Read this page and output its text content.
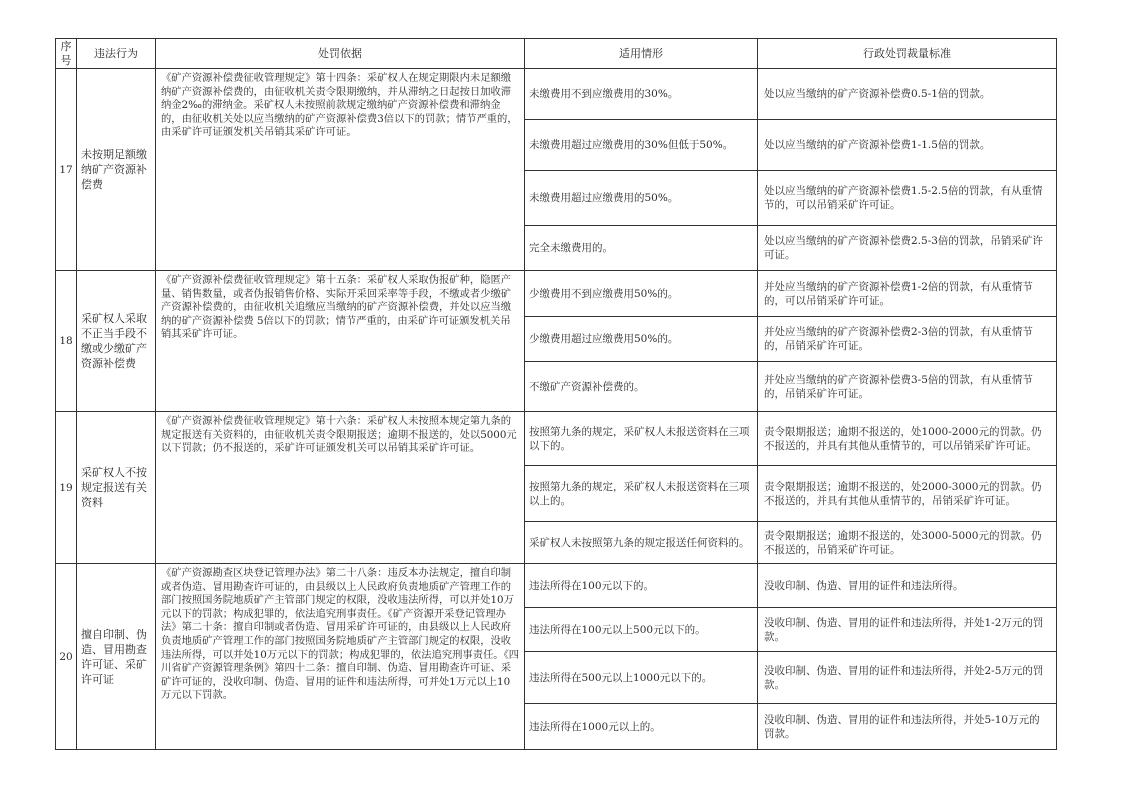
序号	违法行为	处罚依据	适用情形	行政处罚裁量标准
17	未按期足额缴纳矿产资源补偿费	《矿产资源补偿费征收管理规定》第十四条：采矿权人在规定期限内未足额缴纳矿产资源补偿费的，由征收机关责令限期缴纳，并从滞纳之日起按日加收滞纳金2‰的滞纳金。采矿权人未按照前款规定缴纳矿产资源补偿费和滞纳金的，由征收机关处以应当缴纳的矿产资源补偿费3倍以下的罚款；情节严重的，由采矿许可证颁发机关吊销其采矿许可证。	未缴费用不到应缴费用的30%。	处以应当缴纳的矿产资源补偿费0.5-1倍的罚款。
			未缴费用超过应缴费用的30%但低于50%。	处以应当缴纳的矿产资源补偿费1-1.5倍的罚款。
			未缴费用超过应缴费用的50%。	处以应当缴纳的矿产资源补偿费1.5-2.5倍的罚款，有从重情节的，可以吊销采矿许可证。
			完全未缴费用的。	处以应当缴纳的矿产资源补偿费2.5-3倍的罚款，吊销采矿许可证。
18	采矿权人采取不正当手段不缴或少缴矿产资源补偿费	《矿产资源补偿费征收管理规定》第十五条：采矿权人采取伪报矿种，隐匿产量、销售数量，或者伪报销售价格、实际开采回采率等手段，不缴或者少缴矿产资源补偿费的，由征收机关追缴应当缴纳的矿产资源补偿费，并处以应当缴纳的矿产资源补偿费 5倍以下的罚款；情节严重的，由采矿许可证颁发机关吊销其采矿许可证。	少缴费用不到应缴费用50%的。	并处应当缴纳的矿产资源补偿费1-2倍的罚款，有从重情节的，可以吊销采矿许可证。
			少缴费用超过应缴费用50%的。	并处应当缴纳的矿产资源补偿费2-3倍的罚款，有从重情节的，吊销采矿许可证。
			不缴矿产资源补偿费的。	并处应当缴纳的矿产资源补偿费3-5倍的罚款，有从重情节的，吊销采矿许可证。
19	采矿权人不按规定报送有关资料	《矿产资源补偿费征收管理规定》第十六条：采矿权人未按照本规定第九条的规定报送有关资料的，由征收机关责令限期报送；逾期不报送的，处以5000元以下罚款；仍不报送的，采矿许可证颁发机关可以吊销其采矿许可证。	按照第九条的规定，采矿权人未报送资料在三项以下的。	责令限期报送；逾期不报送的，处1000-2000元的罚款。仍不报送的，并具有其他从重情节的，可以吊销采矿许可证。
			按照第九条的规定，采矿权人未报送资料在三项以上的。	责令限期报送；逾期不报送的，处2000-3000元的罚款。仍不报送的，并具有其他从重情节的，吊销采矿许可证。
			采矿权人未按照第九条的规定报送任何资料的。	责令限期报送；逾期不报送的，处3000-5000元的罚款。仍不报送的，吊销采矿许可证。
20	擅自印制、伪造、冒用勘查许可证、采矿许可证	《矿产资源勘查区块登记管理办法》第二十八条：违反本办法规定，擅自印制或者伪造、冒用勘查许可证的，由县级以上人民政府负责地质矿产管理工作的部门按照国务院地质矿产主管部门规定的权限，没收违法所得，可以并处10万元以下的罚款；构成犯罪的，依法追究刑事责任。《矿产资源开采登记管理办法》第二十条：擅自印制或者伪造、冒用采矿许可证的，由县级以上人民政府负责地质矿产管理工作的部门按照国务院地质矿产主管部门规定的权限，没收违法所得，可以并处10万元以下的罚款；构成犯罪的，依法追究刑事责任。《四川省矿产资源管理条例》第四十二条：擅自印制、伪造、冒用勘查许可证、采矿许可证的，没收印制、伪造、冒用的证件和违法所得，可并处1万元以上10万元以下罚款。	违法所得在100元以下的。	没收印制、伪造、冒用的证件和违法所得。
			违法所得在100元以上500元以下的。	没收印制、伪造、冒用的证件和违法所得，并处1-2万元的罚款。
			违法所得在500元以上1000元以下的。	没收印制、伪造、冒用的证件和违法所得，并处2-5万元的罚款。
			违法所得在1000元以上的。	没收印制、伪造、冒用的证件和违法所得，并处5-10万元的罚款。
